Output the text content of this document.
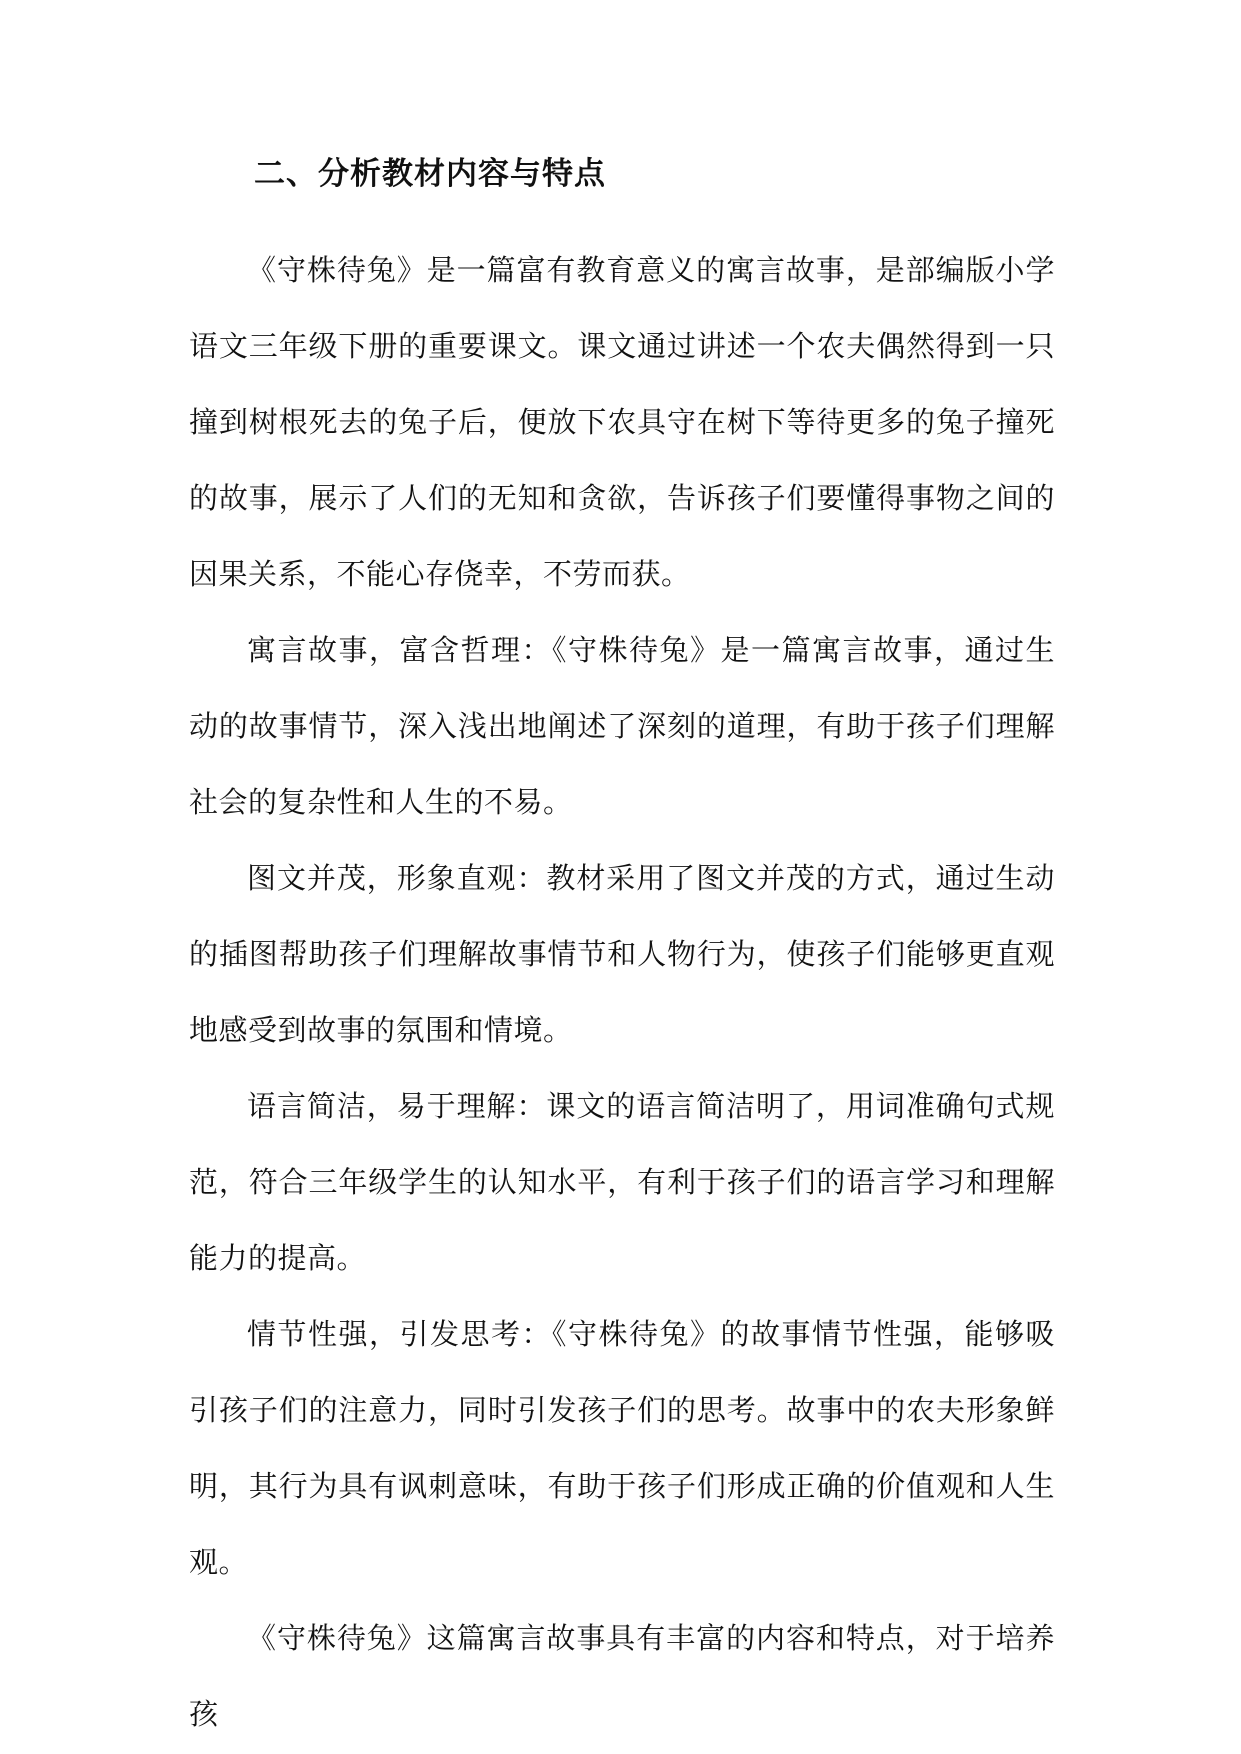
二、分析教材内容与特点

《守株待兔》是一篇富有教育意义的寓言故事，是部编版小学语文三年级下册的重要课文。课文通过讲述一个农夫偶然得到一只撞到树根死去的兔子后，便放下农具守在树下等待更多的兔子撞死的故事，展示了人们的无知和贪欲，告诉孩子们要懂得事物之间的因果关系，不能心存侥幸，不劳而获。

寓言故事，富含哲理：《守株待兔》是一篇寓言故事，通过生动的故事情节，深入浅出地阐述了深刻的道理，有助于孩子们理解社会的复杂性和人生的不易。

图文并茂，形象直观：教材采用了图文并茂的方式，通过生动的插图帮助孩子们理解故事情节和人物行为，使孩子们能够更直观地感受到故事的氛围和情境。

语言简洁，易于理解：课文的语言简洁明了，用词准确句式规范，符合三年级学生的认知水平，有利于孩子们的语言学习和理解能力的提高。

情节性强，引发思考：《守株待兔》的故事情节性强，能够吸引孩子们的注意力，同时引发孩子们的思考。故事中的农夫形象鲜明，其行为具有讽刺意味，有助于孩子们形成正确的价值观和人生观。

《守株待兔》这篇寓言故事具有丰富的内容和特点，对于培养孩
